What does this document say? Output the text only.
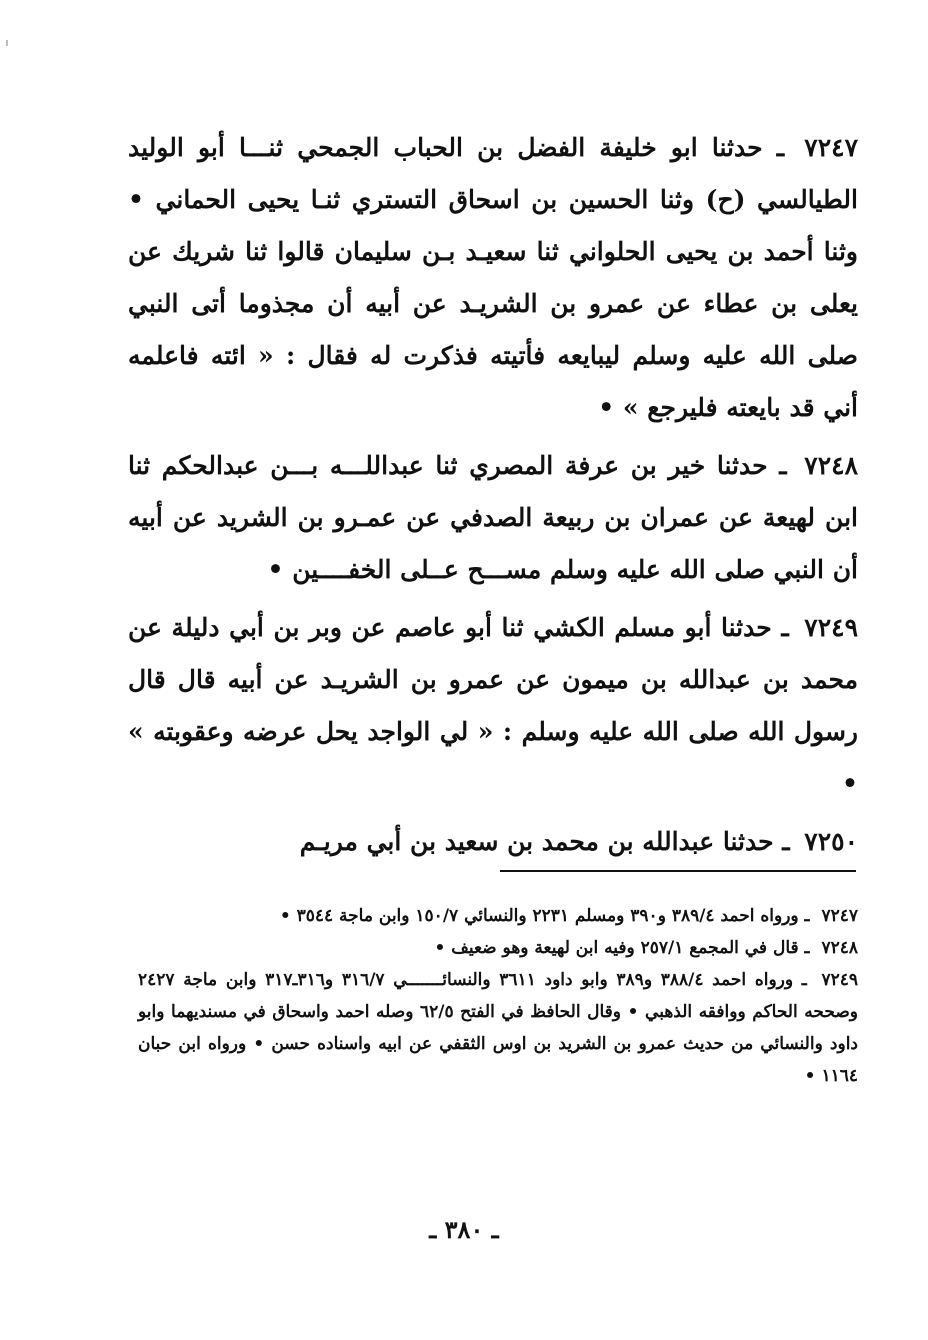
٧٢٤٧ ـ حدثنا ابو خليفة الفضل بن الحباب الجمحي ثنـــا أبو الوليد الطيالسي (ح) وثنا الحسين بن اسحاق التستري ثنـا يحيى الحماني • وثنا أحمد بن يحيى الحلواني ثنا سعيـد بـن سليمان قالوا ثنا شريك عن يعلى بن عطاء عن عمرو بن الشريـد عن أبيه أن مجذوما أتى النبي صلى الله عليه وسلم ليبايعه فأتيته فذكرت له فقال : « ائته فاعلمه أني قد بايعته فليرجع » •

٧٢٤٨ ـ حدثنا خير بن عرفة المصري ثنا عبداللـــه بـــن عبدالحكم ثنا ابن لهيعة عن عمران بن ربيعة الصدفي عن عمـرو بن الشريد عن أبيه أن النبي صلى الله عليه وسلم مســـح عــلى الخفــــين •

٧٢٤٩ ـ حدثنا أبو مسلم الكشي ثنا أبو عاصم عن وبر بن أبي دليلة عن محمد بن عبدالله بن ميمون عن عمرو بن الشريـد عن أبيه قال قال رسول الله صلى الله عليه وسلم : « لي الواجد يحل عرضه وعقوبته » •

٧٢٥٠ ـ حدثنا عبدالله بن محمد بن سعيد بن أبي مريـم

٧٢٤٧ ـ ورواه احمد ٣٨٩/٤ و٣٩٠ ومسلم ٢٢٣١ والنسائي ١٥٠/٧ وابن ماجة ٣٥٤٤ •

٧٢٤٨ ـ قال في المجمع ٢٥٧/١ وفيه ابن لهيعة وهو ضعيف •

٧٢٤٩ ـ ورواه احمد ٣٨٨/٤ و٣٨٩ وابو داود ٣٦١١ والنسائـــــــي ٣١٦/٧ و٣١٦ـ٣١٧ وابن ماجة ٢٤٢٧ وصححه الحاكم ووافقه الذهبي • وقال الحافظ في الفتح ٦٢/٥ وصله احمد واسحاق في مسنديهما وابو داود والنسائي من حديث عمرو بن الشريد بن اوس الثقفي عن ابيه واسناده حسن • ورواه ابن حبان ١١٦٤ •

ـ ٣٨٠ ـ
